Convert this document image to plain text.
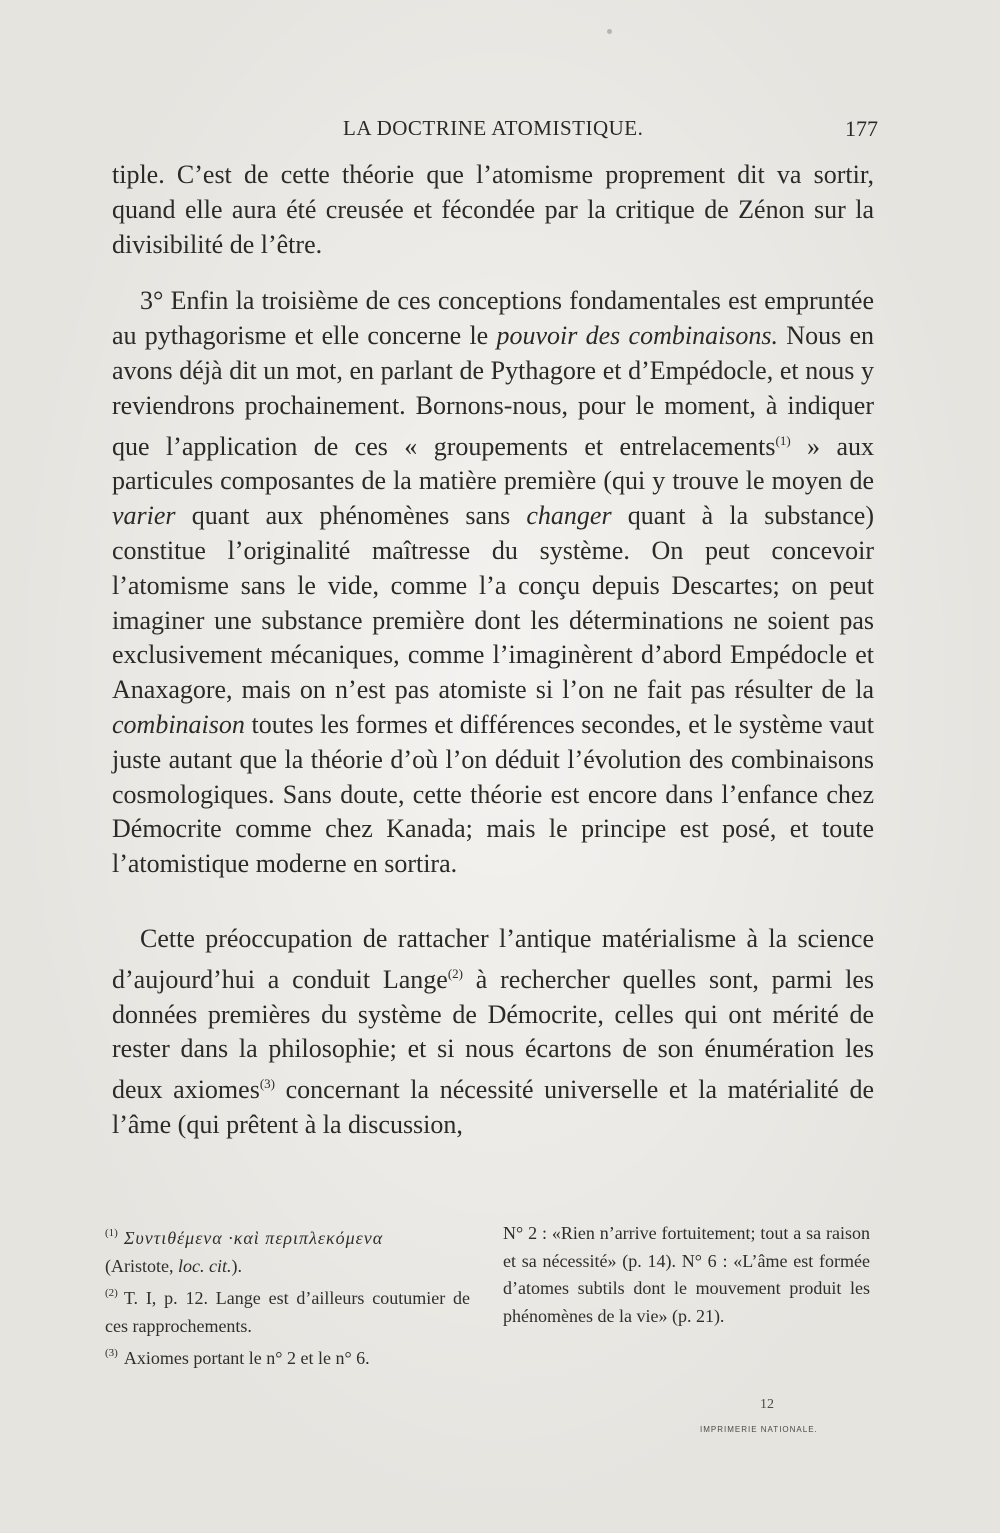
LA DOCTRINE ATOMISTIQUE.	177

tiple. C’est de cette théorie que l’atomisme proprement dit va sortir, quand elle aura été creusée et fécondée par la critique de Zénon sur la divisibilité de l’être.

3° Enfin la troisième de ces conceptions fondamentales est empruntée au pythagorisme et elle concerne le pouvoir des combinaisons. Nous en avons déjà dit un mot, en parlant de Pythagore et d’Empédocle, et nous y reviendrons prochainement. Bornons-nous, pour le moment, à indiquer que l’application de ces « groupements et entrelacements$^{(1)}$ » aux particules composantes de la matière première (qui y trouve le moyen de varier quant aux phénomènes sans changer quant à la substance) constitue l’originalité maîtresse du système. On peut concevoir l’atomisme sans le vide, comme l’a conçu depuis Descartes; on peut imaginer une substance première dont les déterminations ne soient pas exclusivement mécaniques, comme l’imaginèrent d’abord Empédocle et Anaxagore, mais on n’est pas atomiste si l’on ne fait pas résulter de la combinaison toutes les formes et différences secondes, et le système vaut juste autant que la théorie d’où l’on déduit l’évolution des combinaisons cosmologiques. Sans doute, cette théorie est encore dans l’enfance chez Démocrite comme chez Kanada; mais le principe est posé, et toute l’atomistique moderne en sortira.

Cette préoccupation de rattacher l’antique matérialisme à la science d’aujourd’hui a conduit Lange$^{(2)}$ à rechercher quelles sont, parmi les données premières du système de Démocrite, celles qui ont mérité de rester dans la philosophie; et si nous écartons de son énumération les deux axiomes$^{(3)}$ concernant la nécessité universelle et la matérialité de l’âme (qui prêtent à la discussion,

$^{(1)}$ Συντιθέμενα ·καὶ περιπλεκόμενα
(Aristote, loc. cit.).

$^{(2)}$ T. I, p. 12. Lange est d’ailleurs coutumier de ces rapprochements.

$^{(3)}$ Axiomes portant le n° 2 et le n° 6.

N° 2 : «Rien n’arrive fortuitement; tout a sa raison et sa nécessité» (p. 14). N° 6 : «L’âme est formée d’atomes subtils dont le mouvement produit les phénomènes de la vie» (p. 21).

12
IMPRIMERIE NATIONALE.
